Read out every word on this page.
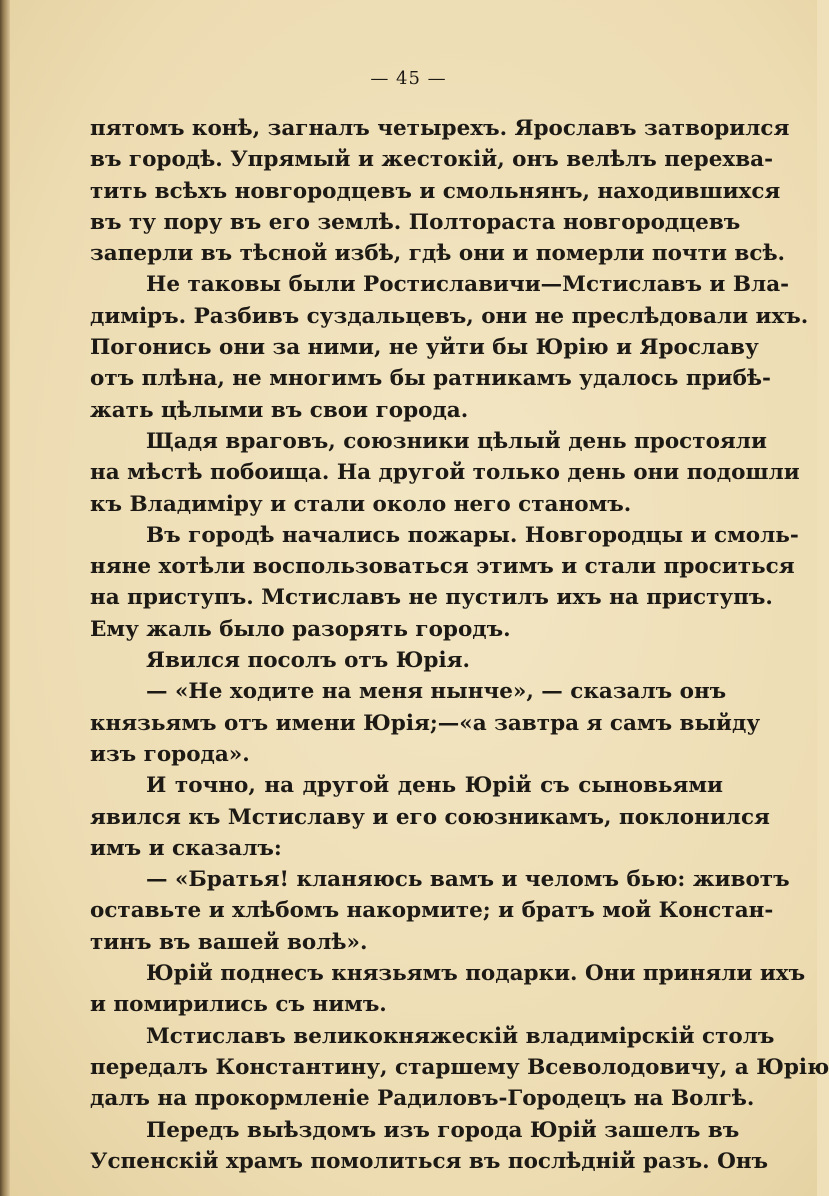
— 45 —
пятомъ конѣ, загналъ четырехъ. Ярославъ затворился
въ городѣ. Упрямый и жестокій, онъ велѣлъ перехва-
тить всѣхъ новгородцевъ и смольнянъ, находившихся
въ ту пору въ его землѣ. Полтораста новгородцевъ
заперли въ тѣсной избѣ, гдѣ они и померли почти всѣ.
Не таковы были Ростиславичи—Мстиславъ и Вла-
диміръ. Разбивъ суздальцевъ, они не преслѣдовали ихъ.
Погонись они за ними, не уйти бы Юрію и Ярославу
отъ плѣна, не многимъ бы ратникамъ удалось прибѣ-
жать цѣлыми въ свои города.
Щадя враговъ, союзники цѣлый день простояли
на мѣстѣ побоища. На другой только день они подошли
къ Владиміру и стали около него станомъ.
Въ городѣ начались пожары. Новгородцы и смоль-
няне хотѣли воспользоваться этимъ и стали проситься
на приступъ. Мстиславъ не пустилъ ихъ на приступъ.
Ему жаль было разорять городъ.
Явился посолъ отъ Юрія.
— «Не ходите на меня нынче», — сказалъ онъ
князьямъ отъ имени Юрія;—«а завтра я самъ выйду
изъ города».
И точно, на другой день Юрій съ сыновьями
явился къ Мстиславу и его союзникамъ, поклонился
имъ и сказалъ:
— «Братья! кланяюсь вамъ и челомъ бью: животъ
оставьте и хлѣбомъ накормите; и братъ мой Констан-
тинъ въ вашей волѣ».
Юрій поднесъ князьямъ подарки. Они приняли ихъ
и помирились съ нимъ.
Мстиславъ великокняжескій владимірскій столъ
передалъ Константину, старшему Всеволодовичу, а Юрію
далъ на прокормленіе Радиловъ-Городецъ на Волгѣ.
Передъ выѣздомъ изъ города Юрій зашелъ въ
Успенскій храмъ помолиться въ послѣдній разъ. Онъ
